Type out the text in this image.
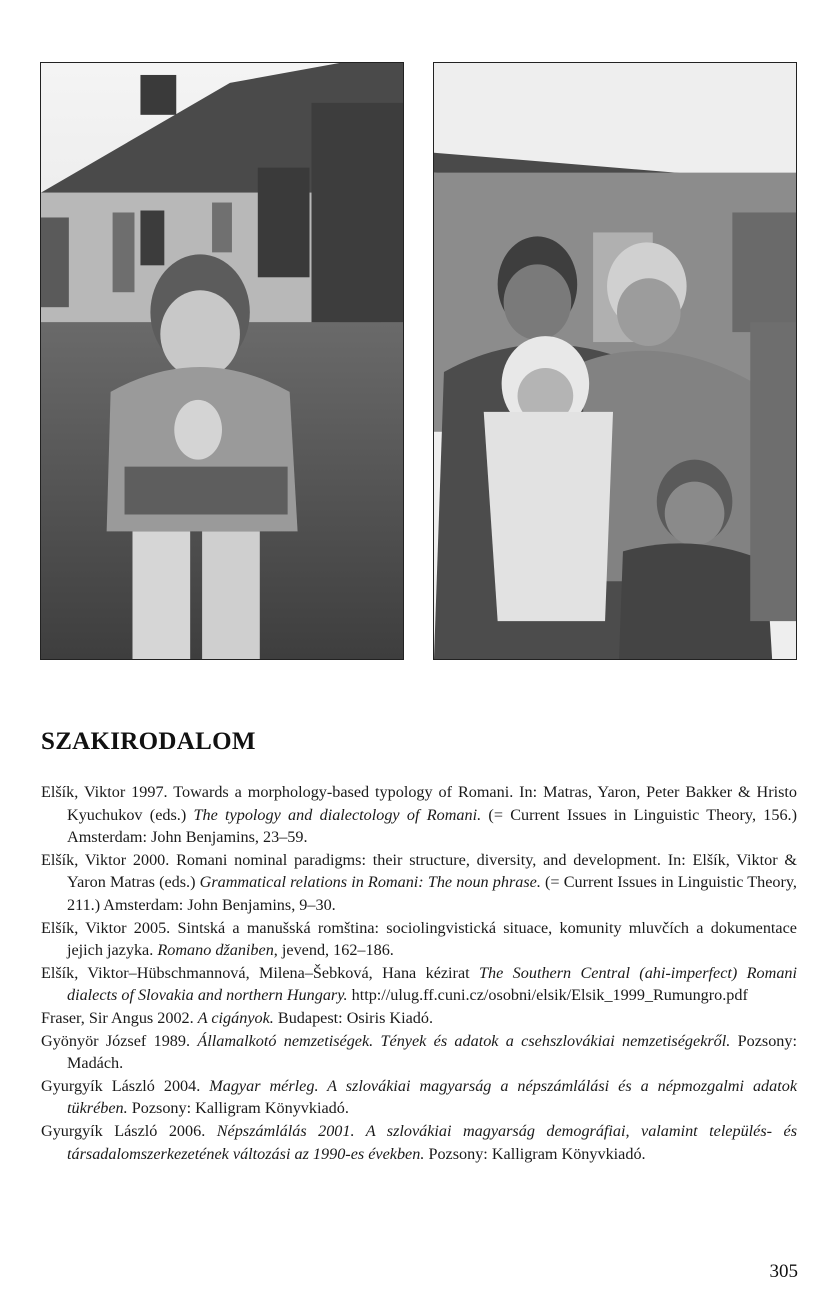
SZAKIRODALOM
Elšík, Viktor 1997. Towards a morphology-based typology of Romani. In: Matras, Yaron, Peter Bakker & Hristo Kyuchukov (eds.) The typology and dialectology of Romani. (= Current Issues in Linguistic Theory, 156.) Amsterdam: John Benjamins, 23–59.
Elšík, Viktor 2000. Romani nominal paradigms: their structure, diversity, and development. In: Elšík, Viktor & Yaron Matras (eds.) Grammatical relations in Romani: The noun phrase. (= Current Issues in Linguistic Theory, 211.) Amsterdam: John Benjamins, 9–30.
Elšík, Viktor 2005. Sintská a manušská romština: sociolingvistická situace, komunity mluvčích a dokumentace jejich jazyka. Romano džaniben, jevend, 162–186.
Elšík, Viktor–Hübschmannová, Milena–Šebková, Hana kézirat The Southern Central (ahi-imperfect) Romani dialects of Slovakia and northern Hungary. http://ulug.ff.cuni.cz/osobni/elsik/Elsik_1999_Rumungro.pdf
Fraser, Sir Angus 2002. A cigányok. Budapest: Osiris Kiadó.
Gyönyör József 1989. Államalkotó nemzetiségek. Tények és adatok a csehszlovákiai nemzetiségekről. Pozsony: Madách.
Gyurgyík László 2004. Magyar mérleg. A szlovákiai magyarság a népszámlálási és a népmozgalmi adatok tükrében. Pozsony: Kalligram Könyvkiadó.
Gyurgyík László 2006. Népszámlálás 2001. A szlovákiai magyarság demográfiai, valamint település- és társadalomszerkezetének változási az 1990-es években. Pozsony: Kalligram Könyvkiadó.
305
